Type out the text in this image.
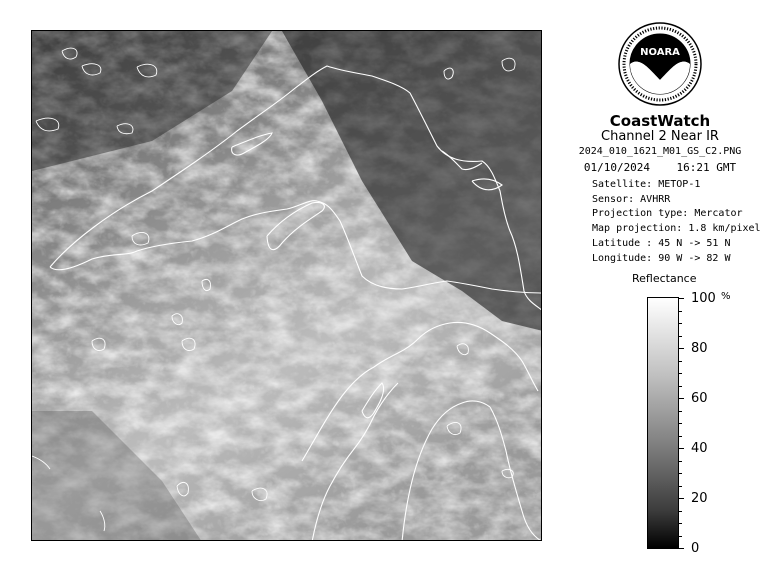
NOARA
CoastWatch
Channel 2 Near IR
2024_010_1621_M01_GS_C2.PNG
01/10/2024    16:21 GMT
Satellite: METOP-1
Sensor: AVHRR
Projection type: Mercator
Map projection: 1.8 km/pixel
Latitude : 45 N -> 51 N
Longitude: 90 W -> 82 W
Reflectance
%
100
80
60
40
20
0
